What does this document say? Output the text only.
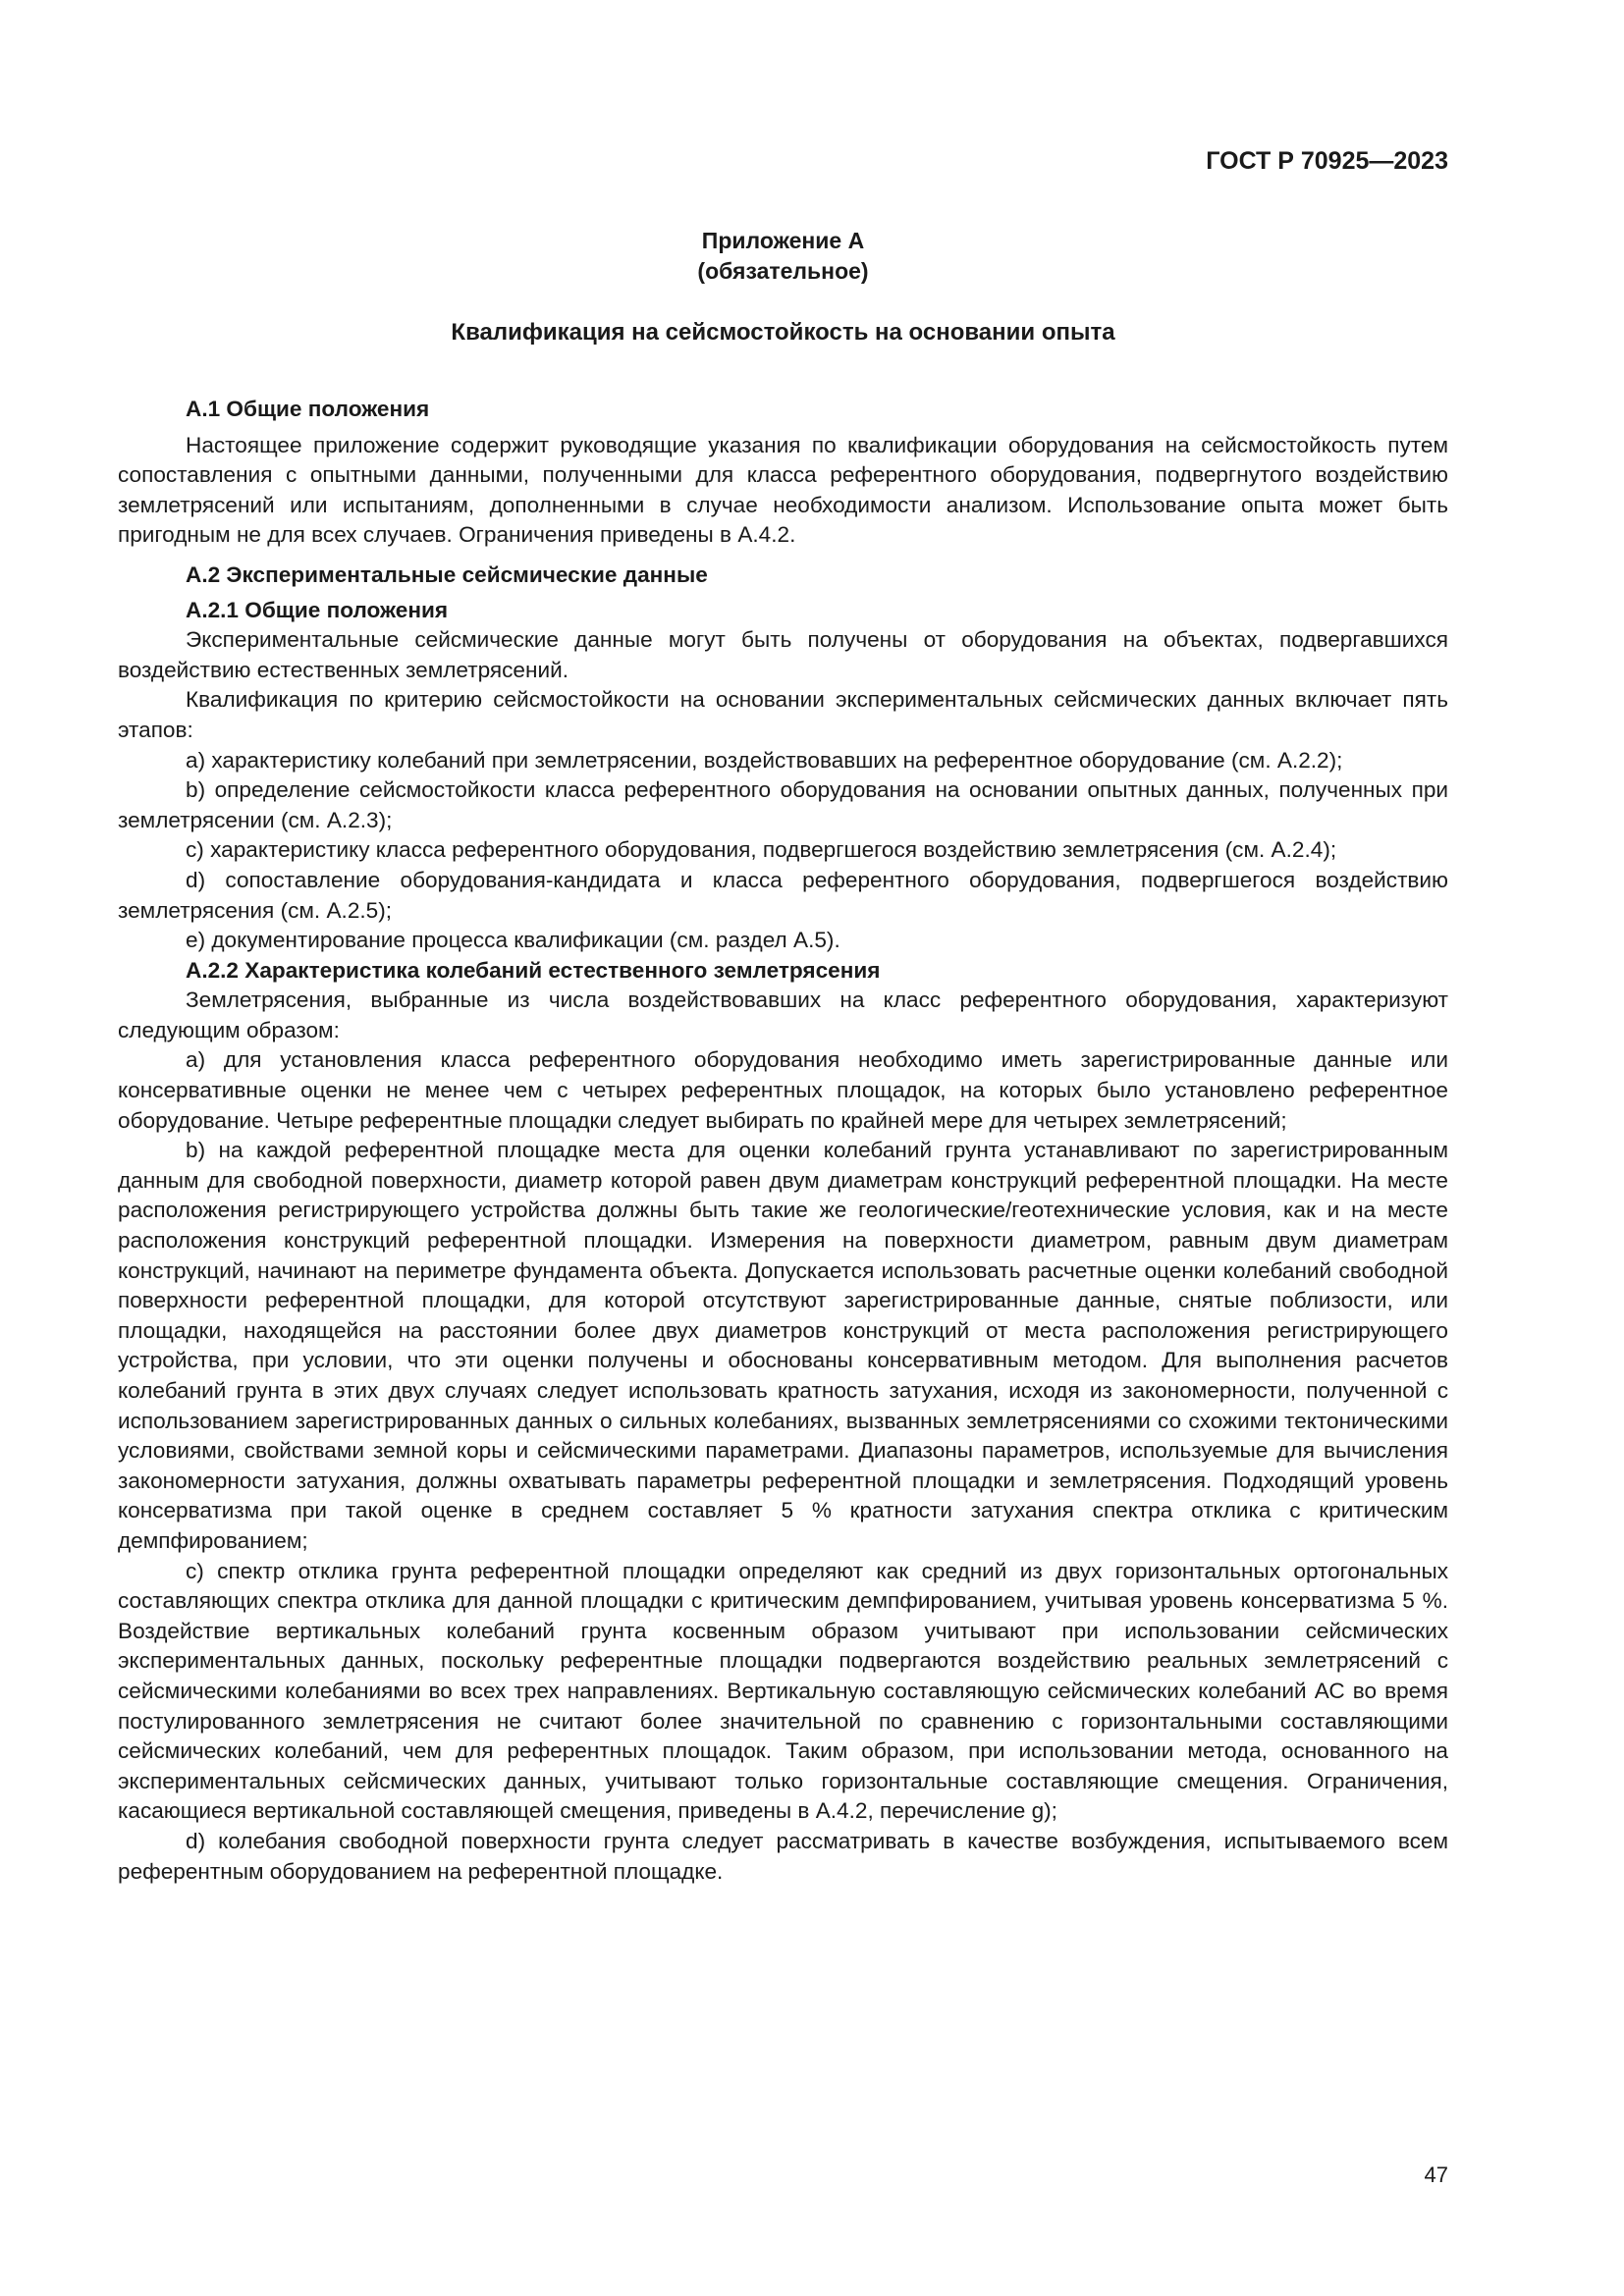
ГОСТ Р 70925—2023
Приложение А
(обязательное)
Квалификация на сейсмостойкость на основании опыта
А.1 Общие положения

Настоящее приложение содержит руководящие указания по квалификации оборудования на сейсмостойкость путем сопоставления с опытными данными, полученными для класса референтного оборудования, подвергнутого воздействию землетрясений или испытаниям, дополненными в случае необходимости анализом. Использование опыта может быть пригодным не для всех случаев. Ограничения приведены в А.4.2.

А.2 Экспериментальные сейсмические данные
А.2.1 Общие положения

Экспериментальные сейсмические данные могут быть получены от оборудования на объектах, подвергавшихся воздействию естественных землетрясений.

Квалификация по критерию сейсмостойкости на основании экспериментальных сейсмических данных включает пять этапов:

a) характеристику колебаний при землетрясении, воздействовавших на референтное оборудование (см. А.2.2);

b) определение сейсмостойкости класса референтного оборудования на основании опытных данных, полученных при землетрясении (см. А.2.3);

c) характеристику класса референтного оборудования, подвергшегося воздействию землетрясения (см. А.2.4);

d) сопоставление оборудования-кандидата и класса референтного оборудования, подвергшегося воздействию землетрясения (см. А.2.5);

e) документирование процесса квалификации (см. раздел А.5).

А.2.2 Характеристика колебаний естественного землетрясения

Землетрясения, выбранные из числа воздействовавших на класс референтного оборудования, характеризуют следующим образом:

a) для установления класса референтного оборудования необходимо иметь зарегистрированные данные или консервативные оценки не менее чем с четырех референтных площадок, на которых было установлено референтное оборудование. Четыре референтные площадки следует выбирать по крайней мере для четырех землетрясений;

b) на каждой референтной площадке места для оценки колебаний грунта устанавливают по зарегистрированным данным для свободной поверхности, диаметр которой равен двум диаметрам конструкций референтной площадки. На месте расположения регистрирующего устройства должны быть такие же геологические/геотехнические условия, как и на месте расположения конструкций референтной площадки. Измерения на поверхности диаметром, равным двум диаметрам конструкций, начинают на периметре фундамента объекта. Допускается использовать расчетные оценки колебаний свободной поверхности референтной площадки, для которой отсутствуют зарегистрированные данные, снятые поблизости, или площадки, находящейся на расстоянии более двух диаметров конструкций от места расположения регистрирующего устройства, при условии, что эти оценки получены и обоснованы консервативным методом. Для выполнения расчетов колебаний грунта в этих двух случаях следует использовать кратность затухания, исходя из закономерности, полученной с использованием зарегистрированных данных о сильных колебаниях, вызванных землетрясениями со схожими тектоническими условиями, свойствами земной коры и сейсмическими параметрами. Диапазоны параметров, используемые для вычисления закономерности затухания, должны охватывать параметры референтной площадки и землетрясения. Подходящий уровень консерватизма при такой оценке в среднем составляет 5 % кратности затухания спектра отклика с критическим демпфированием;

c) спектр отклика грунта референтной площадки определяют как средний из двух горизонтальных ортогональных составляющих спектра отклика для данной площадки с критическим демпфированием, учитывая уровень консерватизма 5 %. Воздействие вертикальных колебаний грунта косвенным образом учитывают при использовании сейсмических экспериментальных данных, поскольку референтные площадки подвергаются воздействию реальных землетрясений с сейсмическими колебаниями во всех трех направлениях. Вертикальную составляющую сейсмических колебаний АС во время постулированного землетрясения не считают более значительной по сравнению с горизонтальными составляющими сейсмических колебаний, чем для референтных площадок. Таким образом, при использовании метода, основанного на экспериментальных сейсмических данных, учитывают только горизонтальные составляющие смещения. Ограничения, касающиеся вертикальной составляющей смещения, приведены в А.4.2, перечисление g);

d) колебания свободной поверхности грунта следует рассматривать в качестве возбуждения, испытываемого всем референтным оборудованием на референтной площадке.

47
